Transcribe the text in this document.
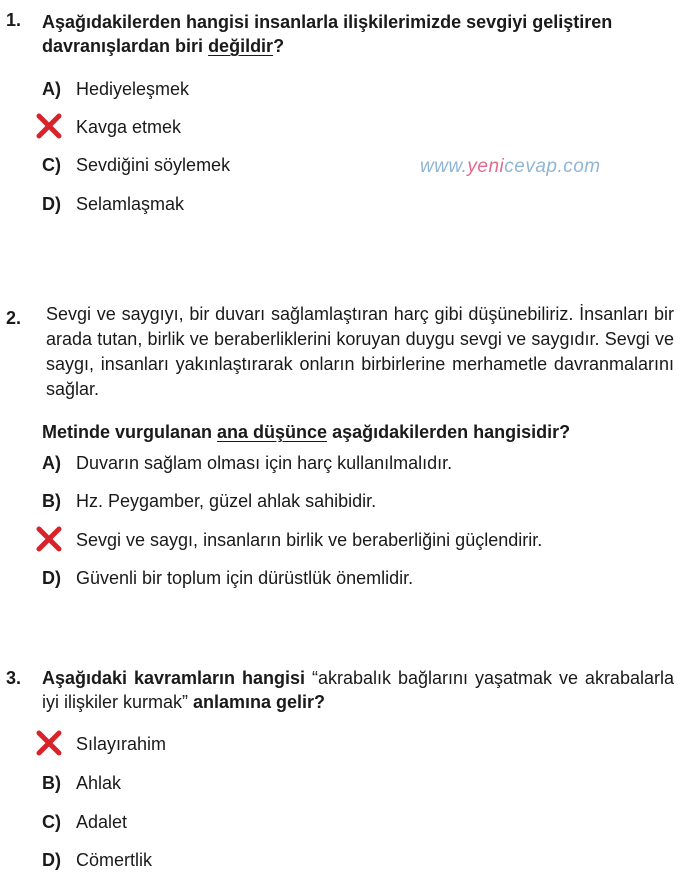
www.yenicevap.com
1. Aşağıdakilerden hangisi insanlarla ilişkilerimizde sevgiyi geliştiren davranışlardan biri değildir?
A) Hediyeleşmek
Kavga etmek
C) Sevdiğini söylemek
D) Selamlaşmak
2. Sevgi ve saygıyı, bir duvarı sağlamlaştıran harç gibi düşünebiliriz. İnsanları bir arada tutan, birlik ve beraberliklerini koruyan duygu sevgi ve saygıdır. Sevgi ve saygı, insanları yakınlaştırarak onların birbirlerine merhametle davranmalarını sağlar.
Metinde vurgulanan ana düşünce aşağıdakilerden hangisidir?
A) Duvarın sağlam olması için harç kullanılmalıdır.
B) Hz. Peygamber, güzel ahlak sahibidir.
Sevgi ve saygı, insanların birlik ve beraberliğini güçlendirir.
D) Güvenli bir toplum için dürüstlük önemlidir.
3. Aşağıdaki kavramların hangisi “akrabalık bağlarını yaşatmak ve akrabalarla iyi ilişkiler kurmak” anlamına gelir?
Sılayırahim
B) Ahlak
C) Adalet
D) Cömertlik
